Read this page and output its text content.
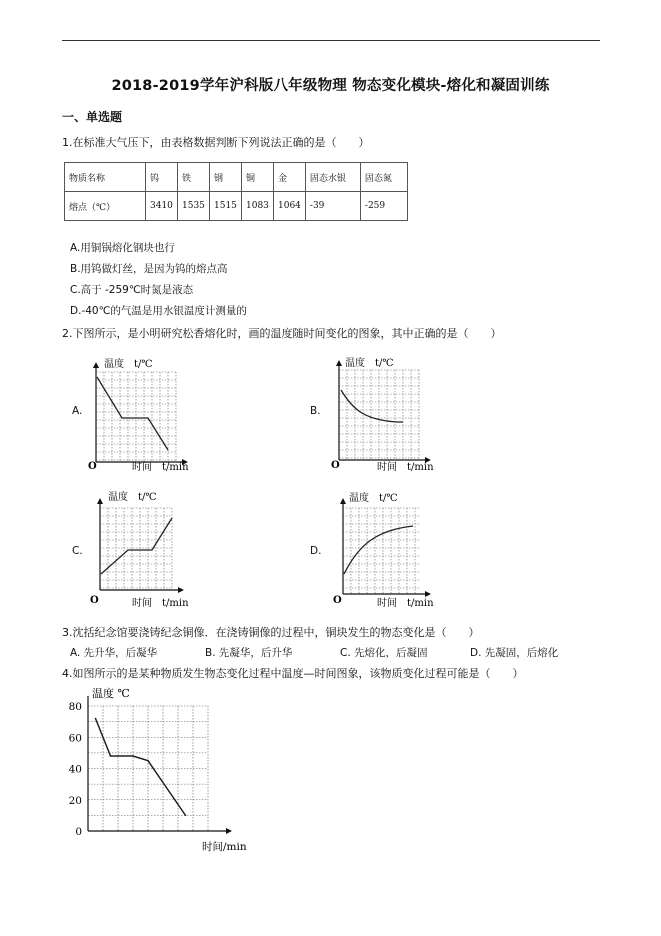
2018-2019学年沪科版八年级物理 物态变化模块-熔化和凝固训练
一、单选题
1.在标准大气压下，由表格数据判断下列说法正确的是（　　）
物质名称	钨	铁	钢	铜	金	固态水银	固态氮
熔点（℃）	3410	1535	1515	1083	1064	-39	-259
A.用铜锅熔化钢块也行
B.用钨做灯丝，是因为钨的熔点高
C.高于 -259℃时氮是液态
D.-40℃的气温是用水银温度计测量的
2.下图所示，是小明研究松香熔化时，画的温度随时间变化的图象，其中正确的是（　　）
A.	B.
C.	D.
温度　t/℃
O	时间　t/min
温度　t/℃
O	时间　t/min
温度　t/℃
O	时间　t/min
温度　t/℃
O	时间　t/min
3.沈括纪念馆要浇铸纪念铜像．在浇铸铜像的过程中，铜块发生的物态变化是（　　）
A. 先升华，后凝华	B. 先凝华，后升华	C. 先熔化，后凝固	D. 先凝固，后熔化
4.如图所示的是某种物质发生物态变化过程中温度—时间图象，该物质变化过程可能是（　　）
温度 ℃
时间/min
80
60
40
20
0
